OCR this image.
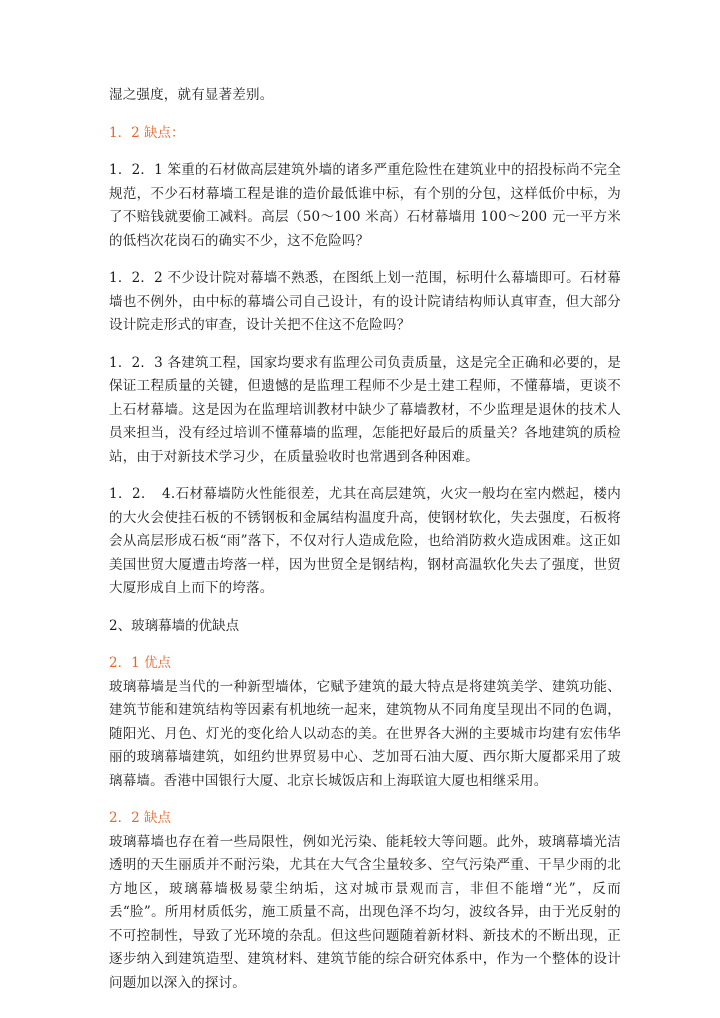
湿之强度，就有显著差别。

1．2 缺点：

1．2．1 笨重的石材做高层建筑外墙的诸多严重危险性在建筑业中的招投标尚不完全规范，不少石材幕墙工程是谁的造价最低谁中标，有个别的分包，这样低价中标，为了不赔钱就要偷工减料。高层（50～100 米高）石材幕墙用 100～200 元一平方米的低档次花岗石的确实不少，这不危险吗？

1．2．2 不少设计院对幕墙不熟悉，在图纸上划一范围，标明什么幕墙即可。石材幕墙也不例外，由中标的幕墙公司自己设计，有的设计院请结构师认真审查，但大部分设计院走形式的审查，设计关把不住这不危险吗？

1．2．3 各建筑工程，国家均要求有监理公司负责质量，这是完全正确和必要的，是保证工程质量的关键，但遗憾的是监理工程师不少是土建工程师，不懂幕墙，更谈不上石材幕墙。这是因为在监理培训教材中缺少了幕墙教材，不少监理是退休的技术人员来担当，没有经过培训不懂幕墙的监理，怎能把好最后的质量关？各地建筑的质检站，由于对新技术学习少，在质量验收时也常遇到各种困难。

1．2．　4.石材幕墙防火性能很差，尤其在高层建筑，火灾一般均在室内燃起，楼内的大火会使挂石板的不锈钢板和金属结构温度升高，使钢材软化，失去强度，石板将会从高层形成石板“雨”落下，不仅对行人造成危险，也给消防救火造成困难。这正如美国世贸大厦遭击垮落一样，因为世贸全是钢结构，钢材高温软化失去了强度，世贸大厦形成自上而下的垮落。

2、玻璃幕墙的优缺点

2．1 优点

玻璃幕墙是当代的一种新型墙体，它赋予建筑的最大特点是将建筑美学、建筑功能、建筑节能和建筑结构等因素有机地统一起来，建筑物从不同角度呈现出不同的色调，随阳光、月色、灯光的变化给人以动态的美。在世界各大洲的主要城市均建有宏伟华丽的玻璃幕墙建筑，如纽约世界贸易中心、芝加哥石油大厦、西尔斯大厦都采用了玻璃幕墙。香港中国银行大厦、北京长城饭店和上海联谊大厦也相继采用。

2．2 缺点

玻璃幕墙也存在着一些局限性，例如光污染、能耗较大等问题。此外，玻璃幕墙光洁透明的天生丽质并不耐污染，尤其在大气含尘量较多、空气污染严重、干旱少雨的北方地区，玻璃幕墙极易蒙尘纳垢，这对城市景观而言，非但不能增“光”，反而丢“脸”。所用材质低劣，施工质量不高，出现色泽不均匀，波纹各异，由于光反射的不可控制性，导致了光环境的杂乱。但这些问题随着新材料、新技术的不断出现，正逐步纳入到建筑造型、建筑材料、建筑节能的综合研究体系中，作为一个整体的设计问题加以深入的探讨。
